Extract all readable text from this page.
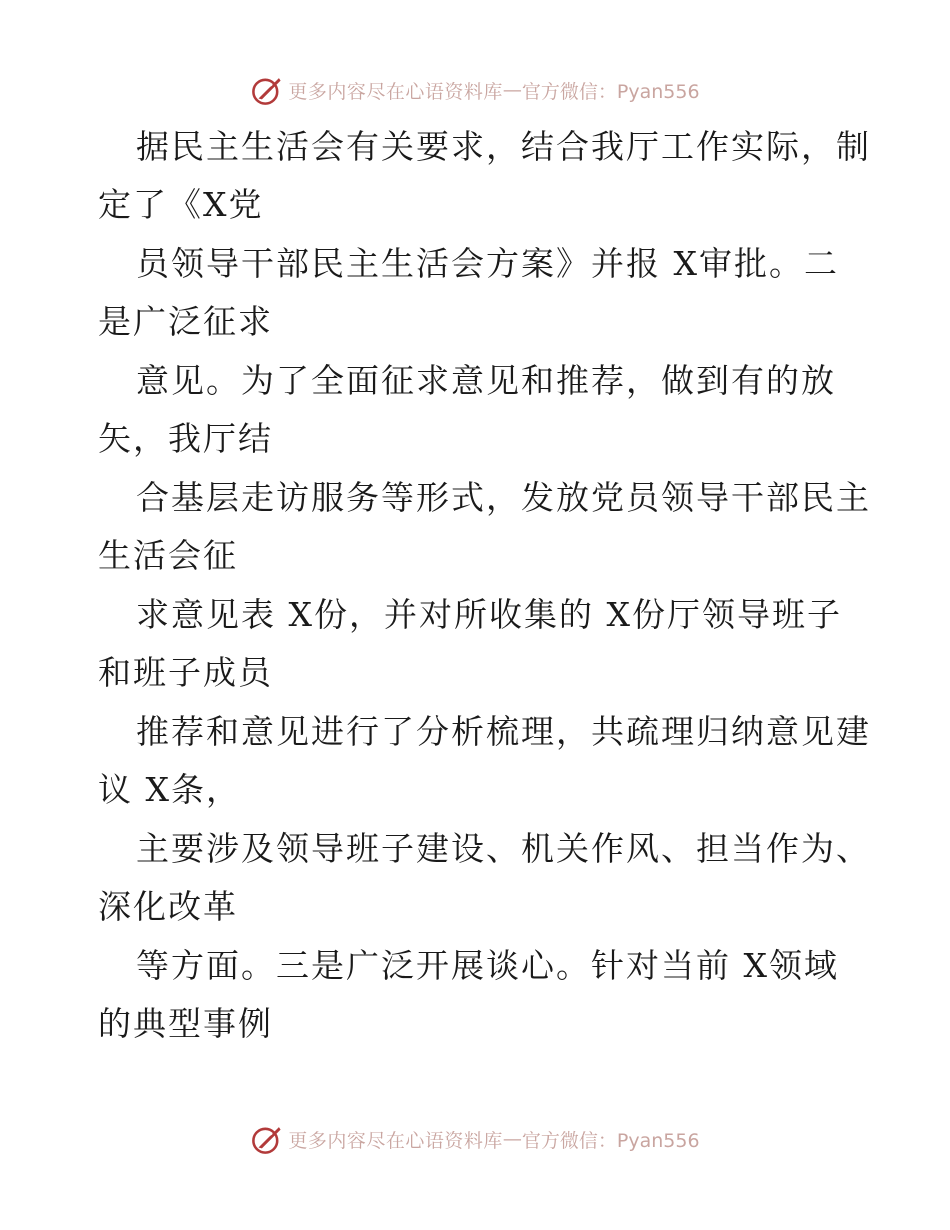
更多内容尽在心语资料库 — 官方微信：Pyan556
据民主生活会有关要求，结合我厅工作实际，制
定了《X党
员领导干部民主生活会方案》并报 X审批。二
是广泛征求
意见。为了全面征求意见和推荐，做到有的放
矢，我厅结
合基层走访服务等形式，发放党员领导干部民主
生活会征
求意见表 X份，并对所收集的 X份厅领导班子
和班子成员
推荐和意见进行了分析梳理，共疏理归纳意见建
议 X条，
主要涉及领导班子建设、机关作风、担当作为、
深化改革
等方面。三是广泛开展谈心。针对当前 X领域
的典型事例
更多内容尽在心语资料库 — 官方微信：Pyan556
